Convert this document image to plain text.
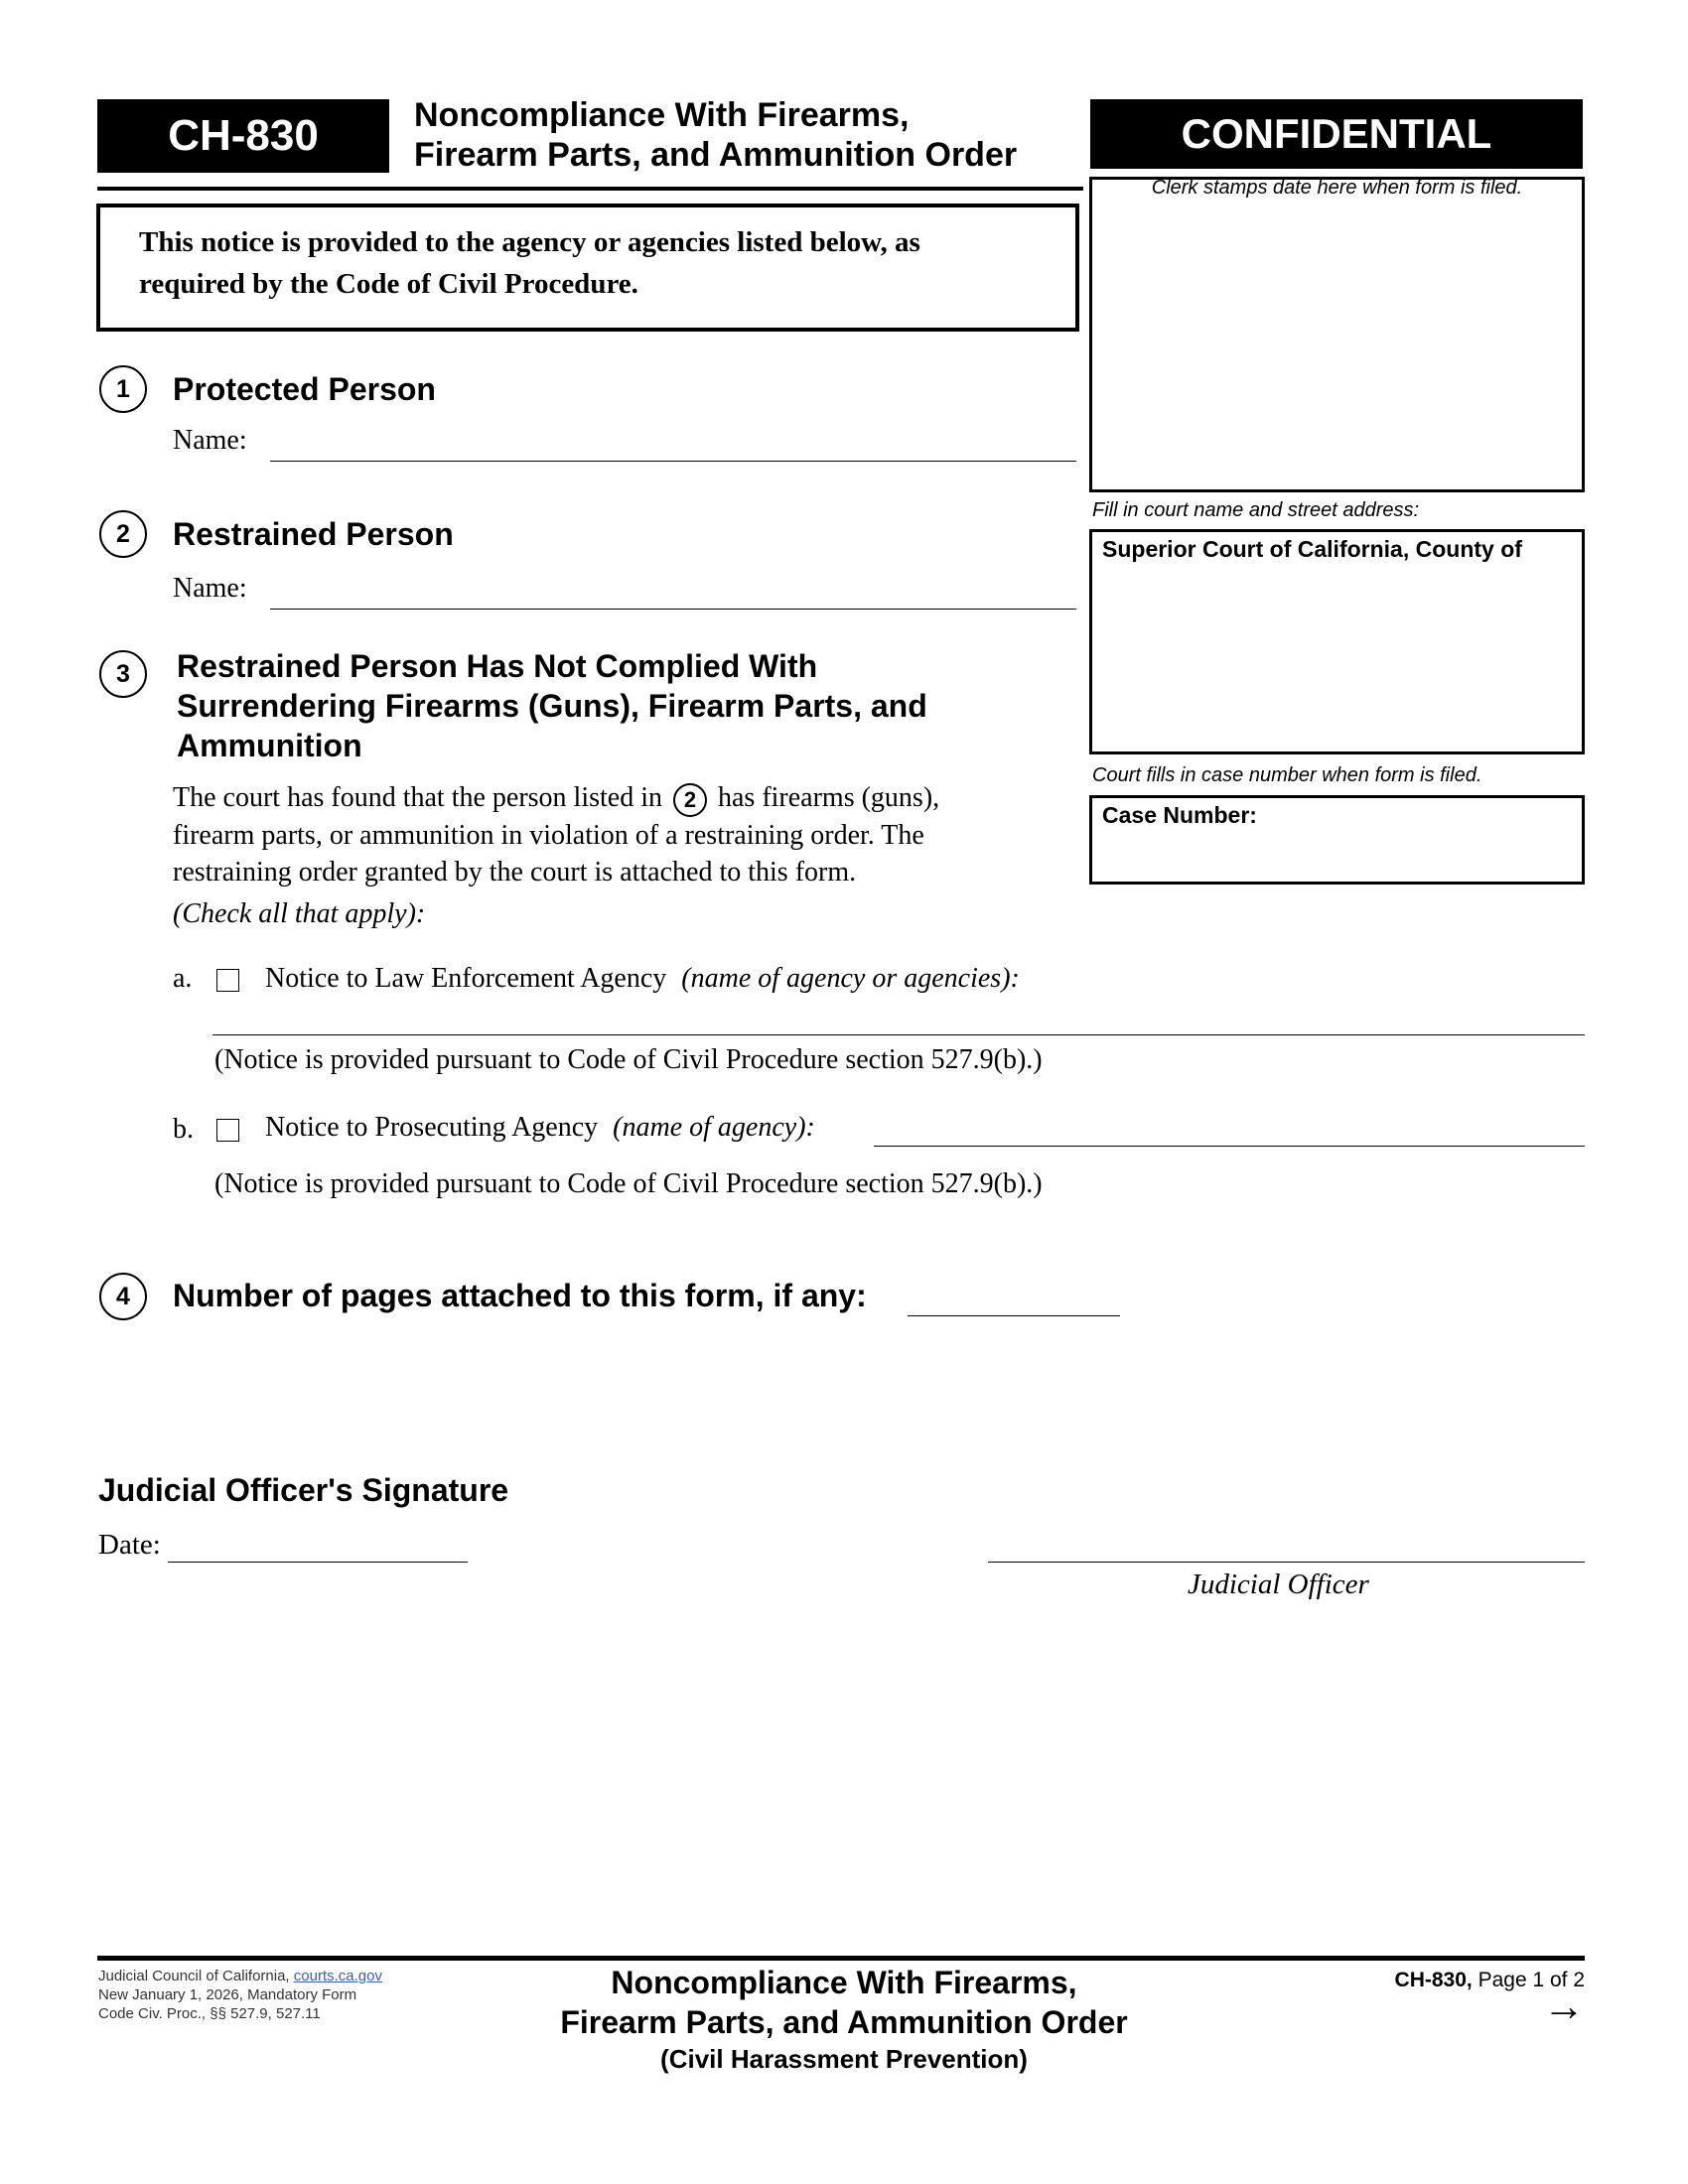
CH-830	Noncompliance With Firearms,
Firearm Parts, and Ammunition Order	CONFIDENTIAL
Clerk stamps date here when form is filed.
Fill in court name and street address:
Superior Court of California, County of
Court fills in case number when form is filed.
Case Number:
This notice is provided to the agency or agencies listed below, as
required by the Code of Civil Procedure.
1	Protected Person
Name:
2	Restrained Person
Name:
3	Restrained Person Has Not Complied With
Surrendering Firearms (Guns), Firearm Parts, and
Ammunition
The court has found that the person listed in 2 has firearms (guns),
firearm parts, or ammunition in violation of a restraining order. The
restraining order granted by the court is attached to this form.
(Check all that apply):
a.	Notice to Law Enforcement Agency (name of agency or agencies):
(Notice is provided pursuant to Code of Civil Procedure section 527.9(b).)
b.	Notice to Prosecuting Agency (name of agency):
(Notice is provided pursuant to Code of Civil Procedure section 527.9(b).)
4	Number of pages attached to this form, if any:
Judicial Officer's Signature
Date:
Judicial Officer
Judicial Council of California, courts.ca.gov
New January 1, 2026, Mandatory Form
Code Civ. Proc., §§ 527.9, 527.11
Noncompliance With Firearms,
Firearm Parts, and Ammunition Order
(Civil Harassment Prevention)
CH-830, Page 1 of 2
→
